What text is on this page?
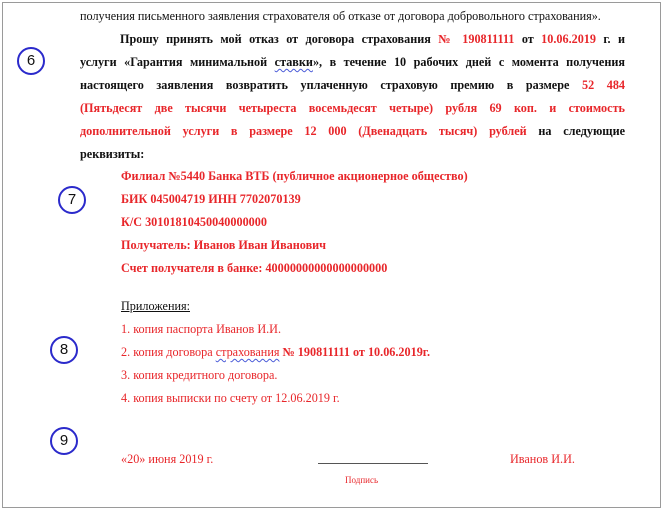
получения письменного заявления страхователя об отказе от договора добровольного страхования».
Прошу принять мой отказ от договора страхования № 190811111 от 10.06.2019 г. и
услуги «Гарантия минимальной ставки», в течение 10 рабочих дней с момента получения
настоящего заявления возвратить уплаченную страховую премию в размере 52 484
(Пятьдесят две тысячи четыреста восемьдесят четыре) рубля 69 коп. и стоимость
дополнительной услуги в размере 12 000 (Двенадцать тысяч) рублей на следующие
реквизиты:
Филиал №5440 Банка ВТБ (публичное акционерное общество)
БИК 045004719 ИНН 7702070139
К/С 30101810450040000000
Получатель: Иванов Иван Иванович
Счет получателя в банке: 40000000000000000000
Приложения:
1. копия паспорта Иванов И.И.
2. копия договора страхования № 190811111 от 10.06.2019г.
3. копия кредитного договора.
4. копия выписки по счету от 12.06.2019 г.
«20» июня 2019 г.	Иванов И.И.
Подпись
6
7
8
9
